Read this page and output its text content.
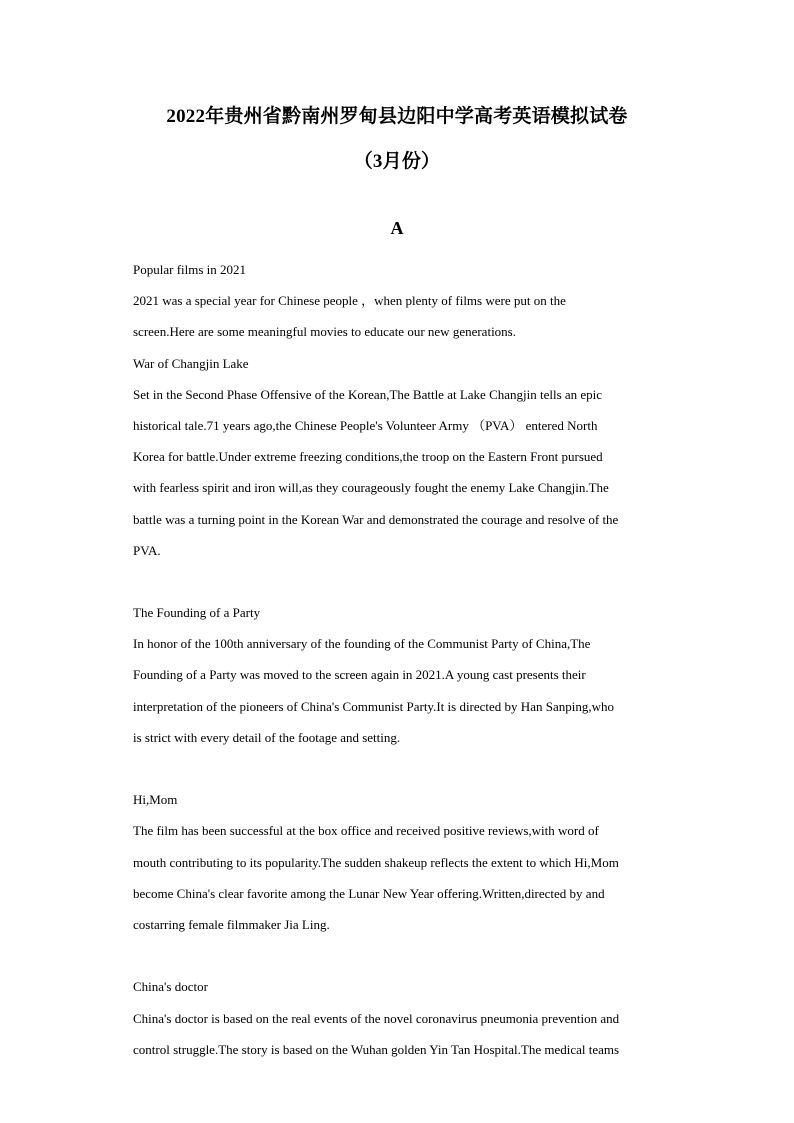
2022年贵州省黔南州罗甸县边阳中学高考英语模拟试卷
（3月份）
A
Popular films in 2021
2021 was a special year for Chinese people ，when plenty of films were put on the
screen.Here are some meaningful movies to educate our new generations.
War of Changjin Lake
Set in the Second Phase Offensive of the Korean,The Battle at Lake Changjin tells an epic
historical tale.71 years ago,the Chinese People's Volunteer Army （PVA） entered North
Korea for battle.Under extreme freezing conditions,the troop on the Eastern Front pursued
with fearless spirit and iron will,as they courageously fought the enemy Lake Changjin.The
battle was a turning point in the Korean War and demonstrated the courage and resolve of the
PVA.
The Founding of a Party
In honor of the 100th anniversary of the founding of the Communist Party of China,The
Founding of a Party was moved to the screen again in 2021.A young cast presents their
interpretation of the pioneers of China's Communist Party.It is directed by Han Sanping,who
is strict with every detail of the footage and setting.
Hi,Mom
The film has been successful at the box office and received positive reviews,with word of
mouth contributing to its popularity.The sudden shakeup reflects the extent to which Hi,Mom
become China's clear favorite among the Lunar New Year offering.Written,directed by and
costarring female filmmaker Jia Ling.
China's doctor
China's doctor is based on the real events of the novel coronavirus pneumonia prevention and
control struggle.The story is based on the Wuhan golden Yin Tan Hospital.The medical teams
